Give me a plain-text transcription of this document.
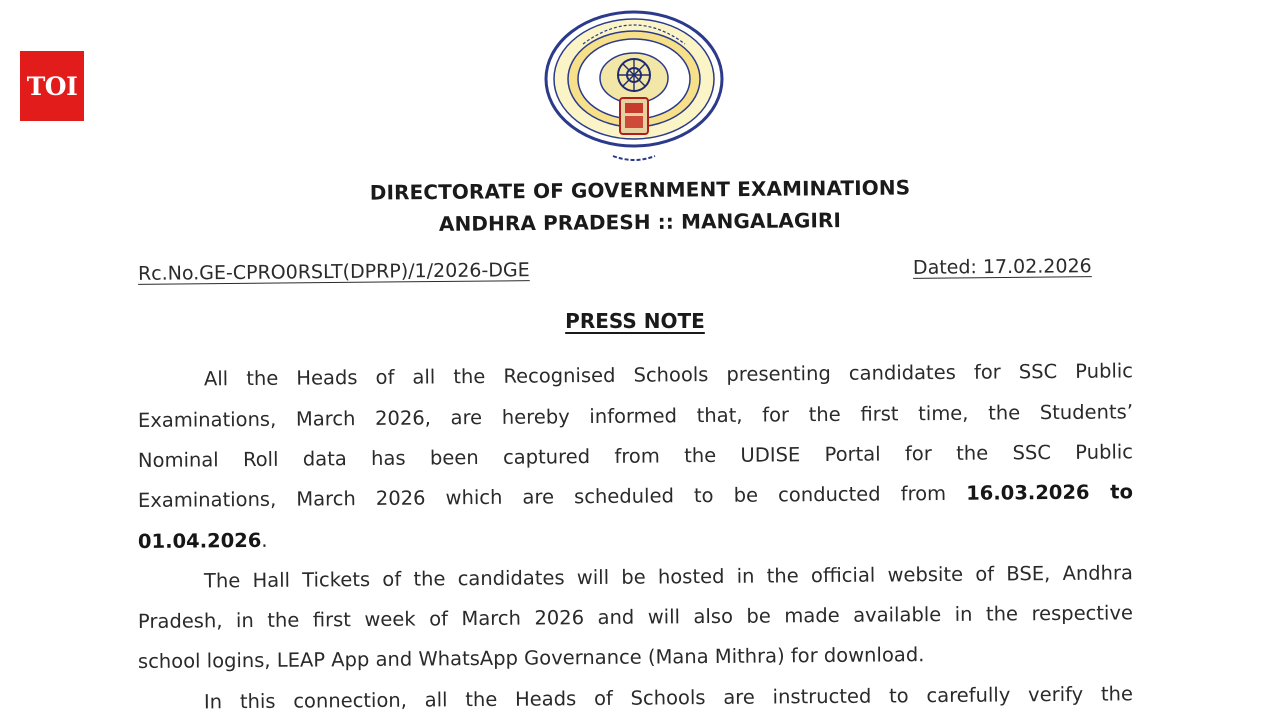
TOI
DIRECTORATE OF GOVERNMENT EXAMINATIONS
ANDHRA PRADESH :: MANGALAGIRI
Rc.No.GE-CPRO0RSLT(DPRP)/1/2026-DGE	Dated: 17.02.2026
PRESS NOTE
All the Heads of all the Recognised Schools presenting candidates for SSC Public
Examinations, March 2026, are hereby informed that, for the first time, the Students’
Nominal Roll data has been captured from the UDISE Portal for the SSC Public
Examinations, March 2026 which are scheduled to be conducted from 16.03.2026 to
01.04.2026.
The Hall Tickets of the candidates will be hosted in the official website of BSE, Andhra
Pradesh, in the first week of March 2026 and will also be made available in the respective
school logins, LEAP App and WhatsApp Governance (Mana Mithra) for download.
In this connection, all the Heads of Schools are instructed to carefully verify the
